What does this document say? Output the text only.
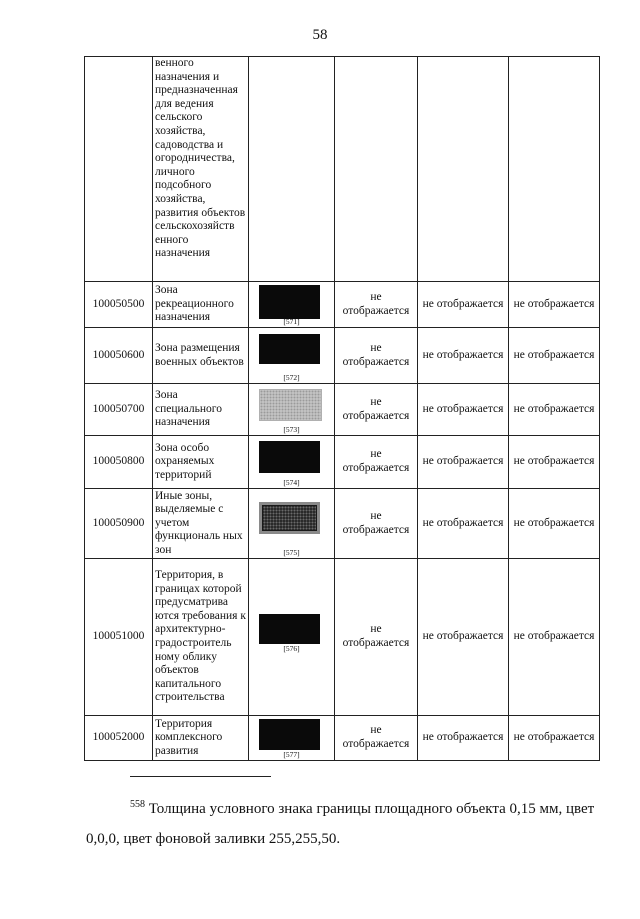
58
	венного назначения и предназначенная для ведения сельского хозяйства, садоводства и огородничества, личного подсобного хозяйства, развития объектов сельскохозяйств енного назначения				
100050500	Зона рекреационного назначения	[571]	не отображается	не отображается	не отображается
100050600	Зона размещения военных объектов	[572]	не отображается	не отображается	не отображается
100050700	Зона специального назначения	[573]	не отображается	не отображается	не отображается
100050800	Зона особо охраняемых территорий	[574]	не отображается	не отображается	не отображается
100050900	Иные зоны, выделяемые с учетом функциональ ных зон	[575]	не отображается	не отображается	не отображается
100051000	Территория, в границах которой предусматрива ются требования к архитектурно-градостроитель ному облику объектов капитального строительства	[576]	не отображается	не отображается	не отображается
100052000	Территория комплексного развития	[577]	не отображается	не отображается	не отображается
$^{558}$ Толщина условного знака границы площадного объекта 0,15 мм, цвет 0,0,0, цвет фоновой заливки 255,255,50.
